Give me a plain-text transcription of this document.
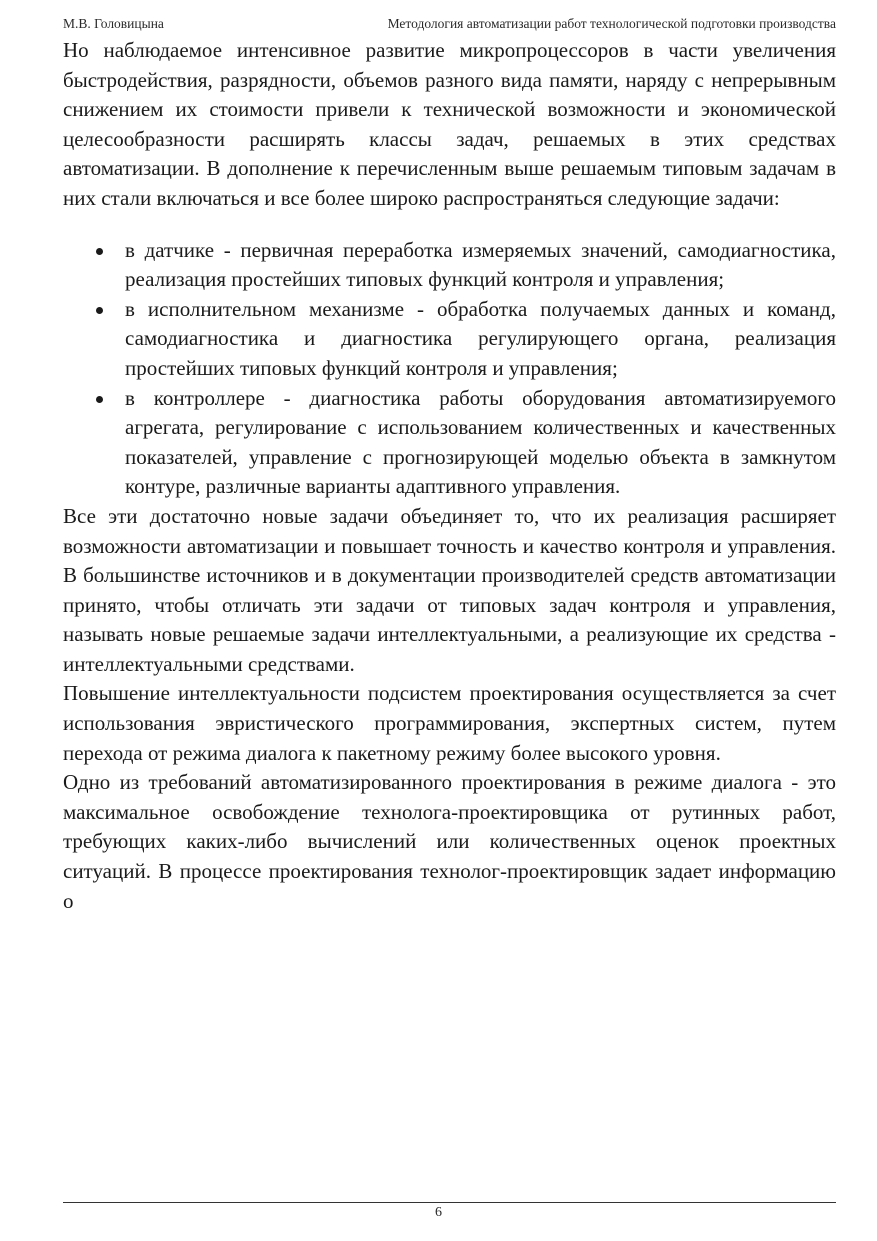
М.В. Головицына	Методология автоматизации работ технологической подготовки производства

Но наблюдаемое интенсивное развитие микропроцессоров в части увеличения быстродействия, разрядности, объемов разного вида памяти, наряду с непрерывным снижением их стоимости привели к технической возможности и экономической целесообразности расширять классы задач, решаемых в этих средствах автоматизации. В дополнение к перечисленным выше решаемым типовым задачам в них стали включаться и все более широко распространяться следующие задачи:

в датчике - первичная переработка измеряемых значений, самодиагностика, реализация простейших типовых функций контроля и управления;
в исполнительном механизме - обработка получаемых данных и команд, самодиагностика и диагностика регулирующего органа, реализация простейших типовых функций контроля и управления;
в контроллере - диагностика работы оборудования автоматизируемого агрегата, регулирование с использованием количественных и качественных показателей, управление с прогнозирующей моделью объекта в замкнутом контуре, различные варианты адаптивного управления.

Все эти достаточно новые задачи объединяет то, что их реализация расширяет возможности автоматизации и повышает точность и качество контроля и управления. В большинстве источников и в документации производителей средств автоматизации принято, чтобы отличать эти задачи от типовых задач контроля и управления, называть новые решаемые задачи интеллектуальными, а реализующие их средства - интеллектуальными средствами.

Повышение интеллектуальности подсистем проектирования осуществляется за счет использования эвристического программирования, экспертных систем, путем перехода от режима диалога к пакетному режиму более высокого уровня.

Одно из требований автоматизированного проектирования в режиме диалога - это максимальное освобождение технолога-проектировщика от рутинных работ, требующих каких-либо вычислений или количественных оценок проектных ситуаций. В процессе проектирования технолог-проектировщик задает информацию о

6
